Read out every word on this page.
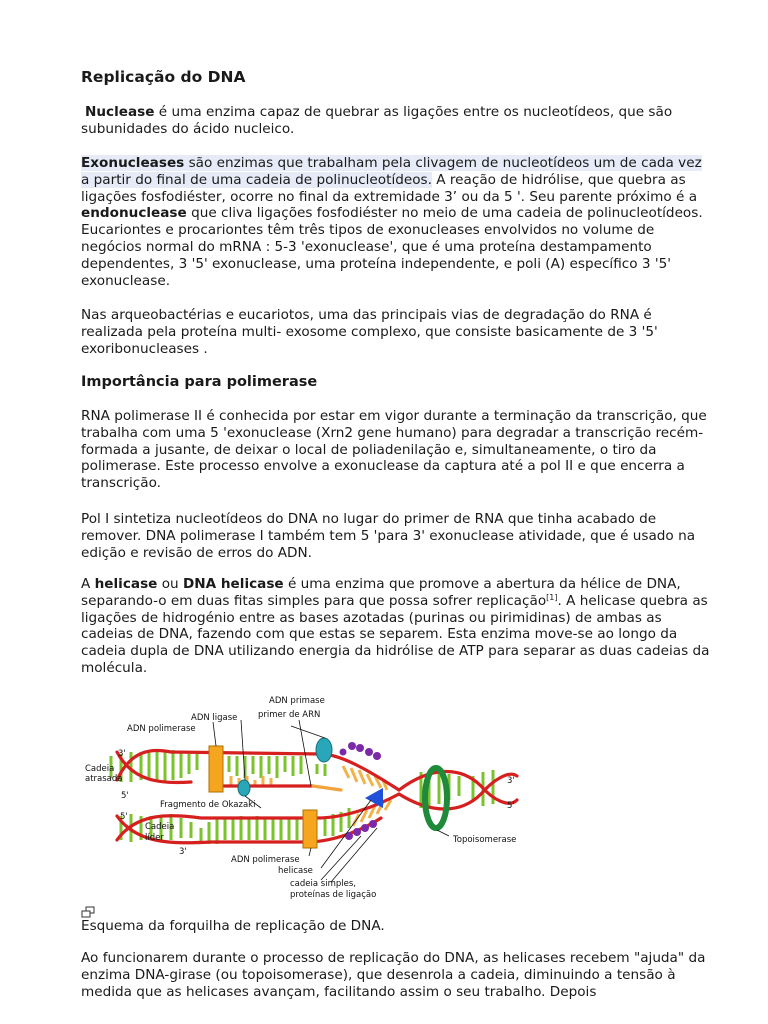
Replicação do DNA

Nuclease é uma enzima capaz de quebrar as ligações entre os nucleotídeos, que são subunidades do ácido nucleico.

Exonucleases são enzimas que trabalham pela clivagem de nucleotídeos um de cada vez a partir do final de uma cadeia de polinucleotídeos. A reação de hidrólise, que quebra as ligações fosfodiéster, ocorre no final da extremidade 3’ ou da 5 '. Seu parente próximo é a endonuclease que cliva ligações fosfodiéster no meio de uma cadeia de polinucleotídeos. Eucariontes e procariontes têm três tipos de exonucleases envolvidos no volume de negócios normal do mRNA : 5-3 'exonuclease', que é uma proteína destampamento dependentes, 3 '5' exonuclease, uma proteína independente, e poli (A) específico 3 '5' exonuclease.

Nas arqueobactérias e eucariotos, uma das principais vias de degradação do RNA é realizada pela proteína multi- exosome complexo, que consiste basicamente de 3 '5' exoribonucleases .

Importância para polimerase

RNA polimerase II é conhecida por estar em vigor durante a terminação da transcrição, que trabalha com uma 5 'exonuclease (Xrn2 gene humano) para degradar a transcrição recém-formada a jusante, de deixar o local de poliadenilação e, simultaneamente, o tiro da polimerase. Este processo envolve a exonuclease da captura até a pol II e que encerra a transcrição.

Pol I sintetiza nucleotídeos do DNA no lugar do primer de RNA que tinha acabado de remover. DNA polimerase I também tem 5 'para 3' exonuclease atividade, que é usado na edição e revisão de erros do ADN.

A helicase ou DNA helicase é uma enzima que promove a abertura da hélice de DNA, separando-o em duas fitas simples para que possa sofrer replicação[1]. A helicase quebra as ligações de hidrogénio entre as bases azotadas (purinas ou pirimidinas) de ambas as cadeias de DNA, fazendo com que estas se separem. Esta enzima move-se ao longo da cadeia dupla de DNA utilizando energia da hidrólise de ATP para separar as duas cadeias da molécula.

ADN primase
ADN ligase primer de ARN
ADN polimerase
3'
Cadeia
atrasada
5'
Fragmento de Okazaki
5'
Cadeia
líder
3'
3'
5'
Topoisomerase
ADN polimerase
helicase
cadeia simples,
proteínas de ligação

Esquema da forquilha de replicação de DNA.

Ao funcionarem durante o processo de replicação do DNA, as helicases recebem "ajuda" da enzima DNA-girase (ou topoisomerase), que desenrola a cadeia, diminuindo a tensão à medida que as helicases avançam, facilitando assim o seu trabalho. Depois
